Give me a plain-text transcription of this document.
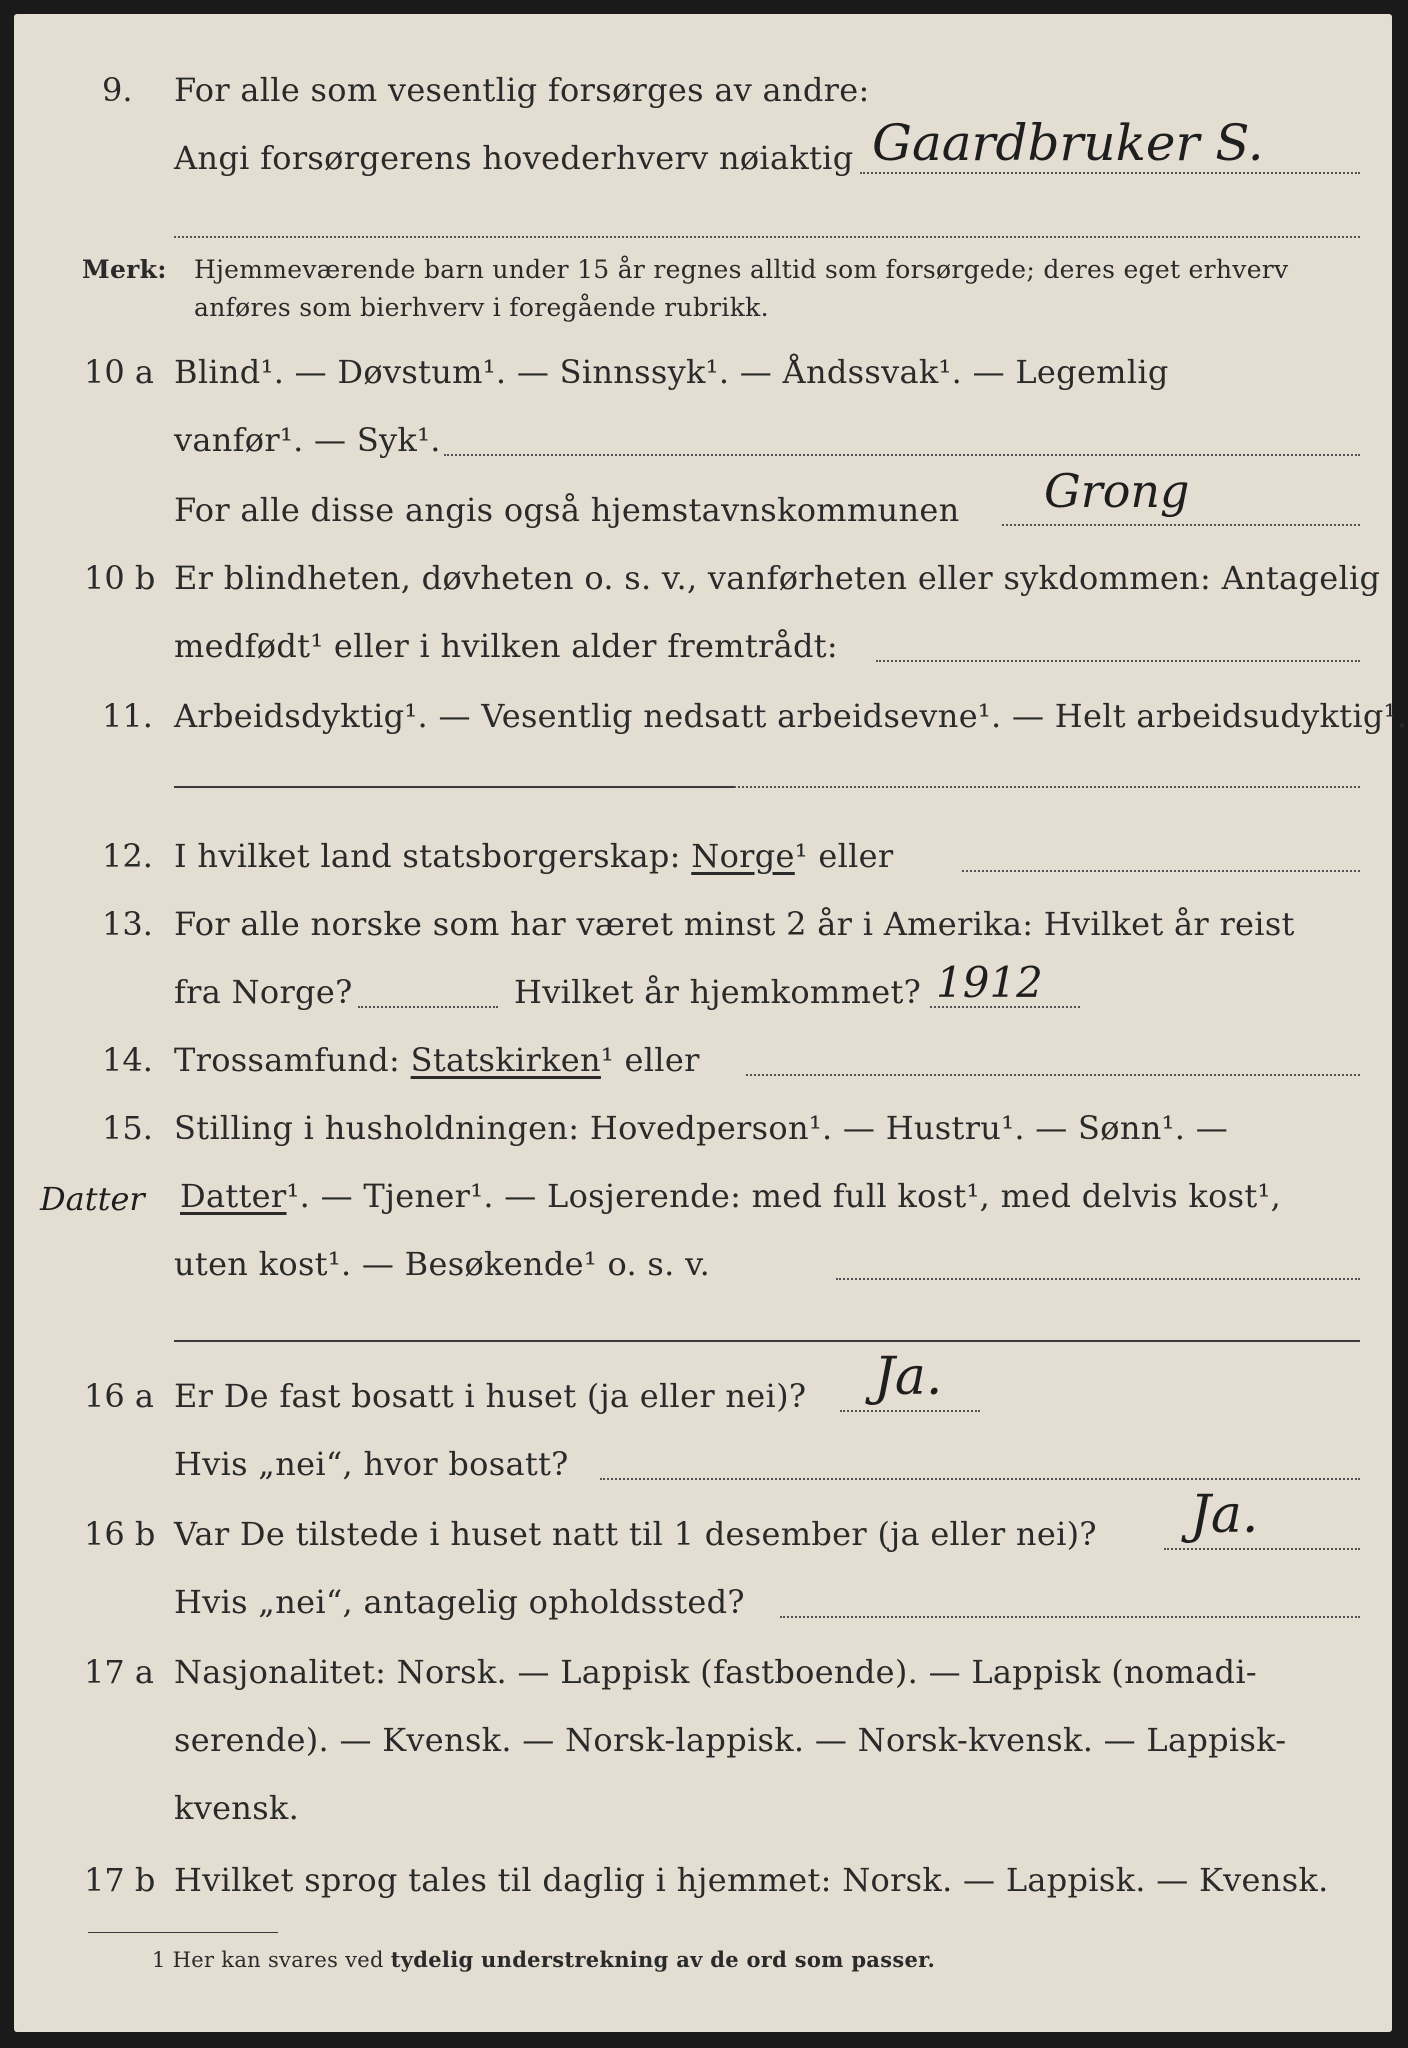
9. For alle som vesentlig forsørges av andre:
Angi forsørgerens hovederhverv nøiaktig Gaardbruker S.
Merk: Hjemmeværende barn under 15 år regnes alltid som forsørgede; deres eget erhverv
anføres som bierhverv i foregående rubrikk.
10 a Blind¹. — Døvstum¹. — Sinnssyk¹. — Åndssvak¹. — Legemlig
vanfør¹. — Syk¹.
For alle disse angis også hjemstavnskommunen Grong
10 b Er blindheten, døvheten o. s. v., vanførheten eller sykdommen: Antagelig
medfødt¹ eller i hvilken alder fremtrådt:
11. Arbeidsdyktig¹. — Vesentlig nedsatt arbeidsevne¹. — Helt arbeidsudyktig¹.
12. I hvilket land statsborgerskap: Norge¹ eller
13. For alle norske som har været minst 2 år i Amerika: Hvilket år reist
fra Norge?	Hvilket år hjemkommet? 1912
14. Trossamfund: Statskirken¹ eller
15. Stilling i husholdningen: Hovedperson¹. — Hustru¹. — Sønn¹. —
Datter Datter¹. — Tjener¹. — Losjerende: med full kost¹, med delvis kost¹,
uten kost¹. — Besøkende¹ o. s. v.
16 a Er De fast bosatt i huset (ja eller nei)? Ja.
Hvis „nei“, hvor bosatt?
16 b Var De tilstede i huset natt til 1 desember (ja eller nei)? Ja.
Hvis „nei“, antagelig opholdssted?
17 a Nasjonalitet: Norsk. — Lappisk (fastboende). — Lappisk (nomadi-
serende). — Kvensk. — Norsk-lappisk. — Norsk-kvensk. — Lappisk-
kvensk.
17 b Hvilket sprog tales til daglig i hjemmet: Norsk. — Lappisk. — Kvensk.
1 Her kan svares ved tydelig understrekning av de ord som passer.
